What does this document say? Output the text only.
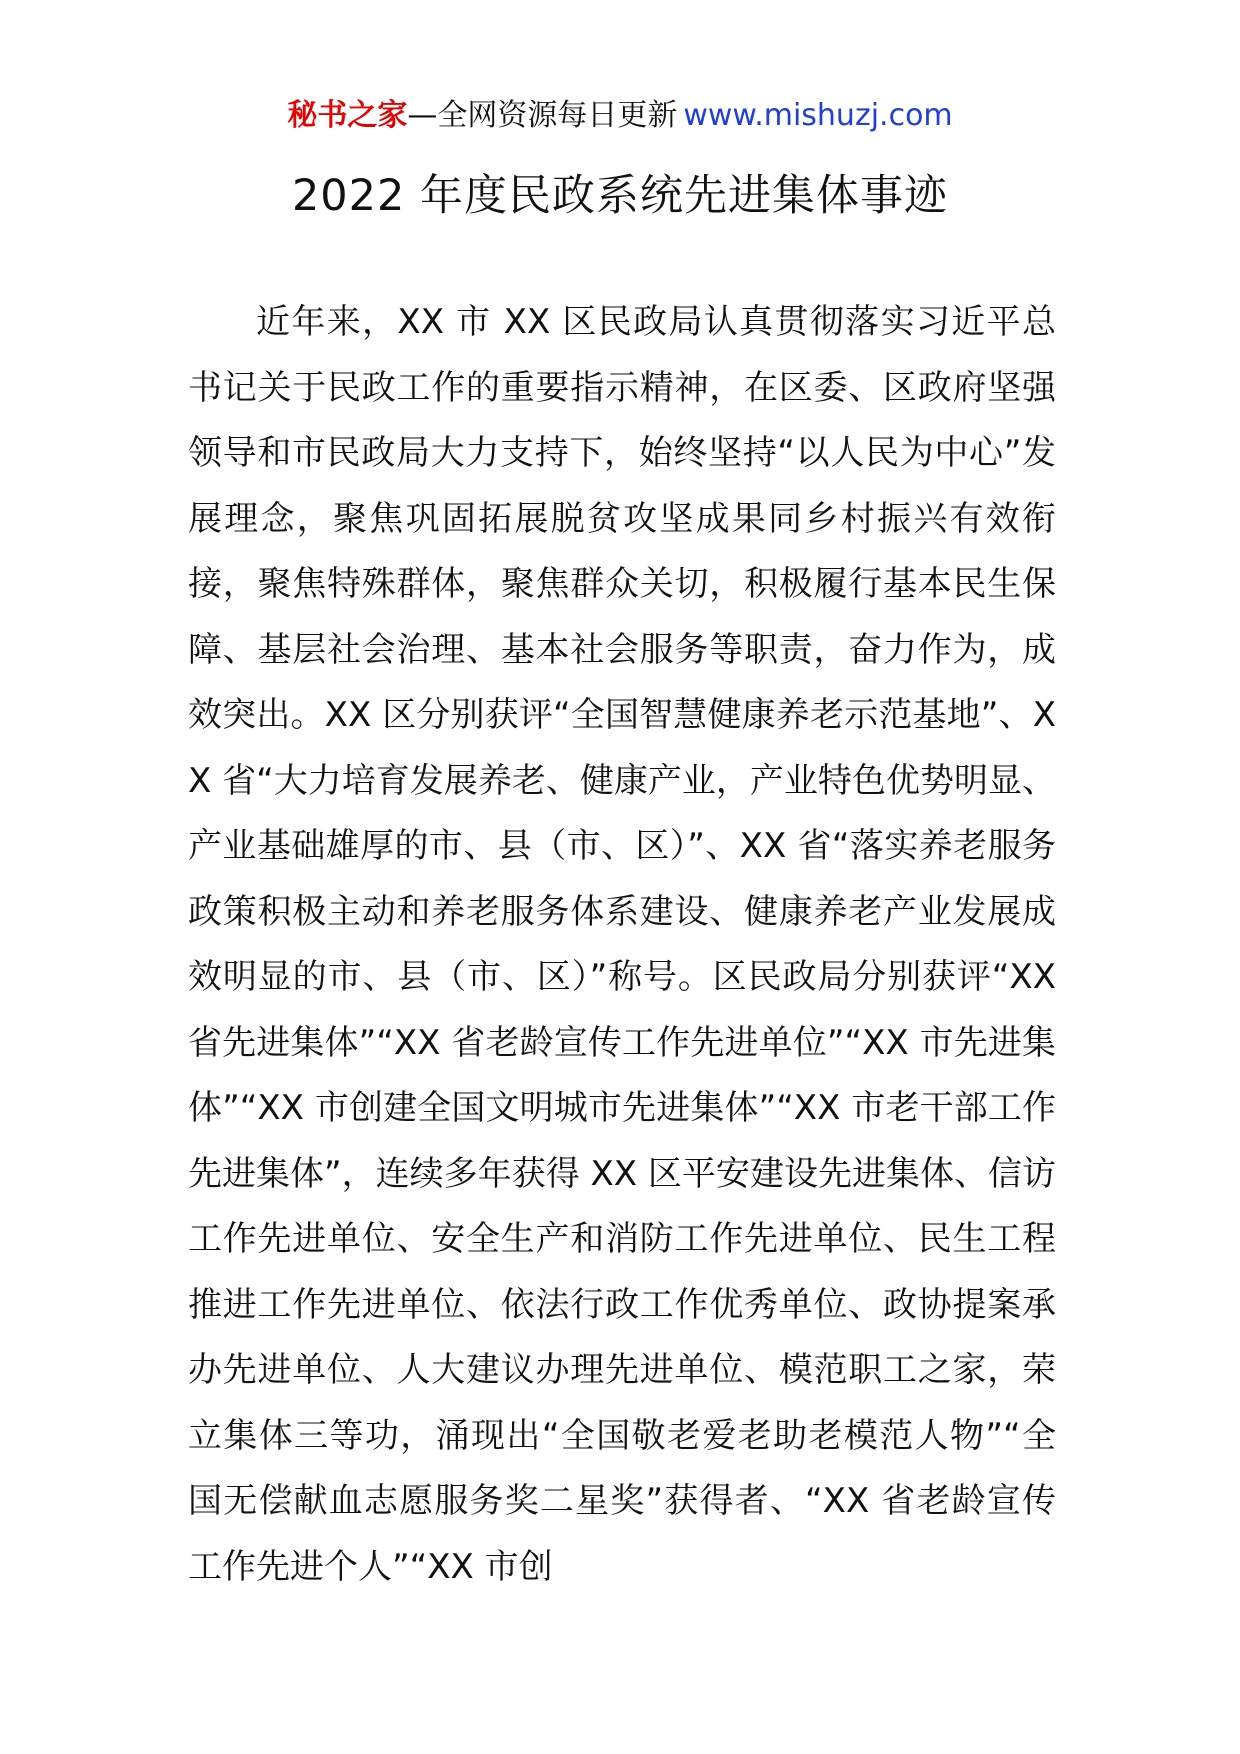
秘书之家—全网资源每日更新 www.mishuzj.com
2022 年度民政系统先进集体事迹

近年来，XX 市 XX 区民政局认真贯彻落实习近平总书记关于民政工作的重要指示精神，在区委、区政府坚强领导和市民政局大力支持下，始终坚持“以人民为中心”发展理念，聚焦巩固拓展脱贫攻坚成果同乡村振兴有效衔接，聚焦特殊群体，聚焦群众关切，积极履行基本民生保障、基层社会治理、基本社会服务等职责，奋力作为，成效突出。XX 区分别获评“全国智慧健康养老示范基地”、XX 省“大力培育发展养老、健康产业，产业特色优势明显、产业基础雄厚的市、县（市、区）”、XX 省“落实养老服务政策积极主动和养老服务体系建设、健康养老产业发展成效明显的市、县（市、区）”称号。区民政局分别获评“XX 省先进集体”“XX 省老龄宣传工作先进单位”“XX 市先进集体”“XX 市创建全国文明城市先进集体”“XX 市老干部工作先进集体”，连续多年获得 XX 区平安建设先进集体、信访工作先进单位、安全生产和消防工作先进单位、民生工程推进工作先进单位、依法行政工作优秀单位、政协提案承办先进单位、人大建议办理先进单位、模范职工之家，荣立集体三等功，涌现出“全国敬老爱老助老模范人物”“全国无偿献血志愿服务奖二星奖”获得者、“XX 省老龄宣传工作先进个人”“XX 市创
